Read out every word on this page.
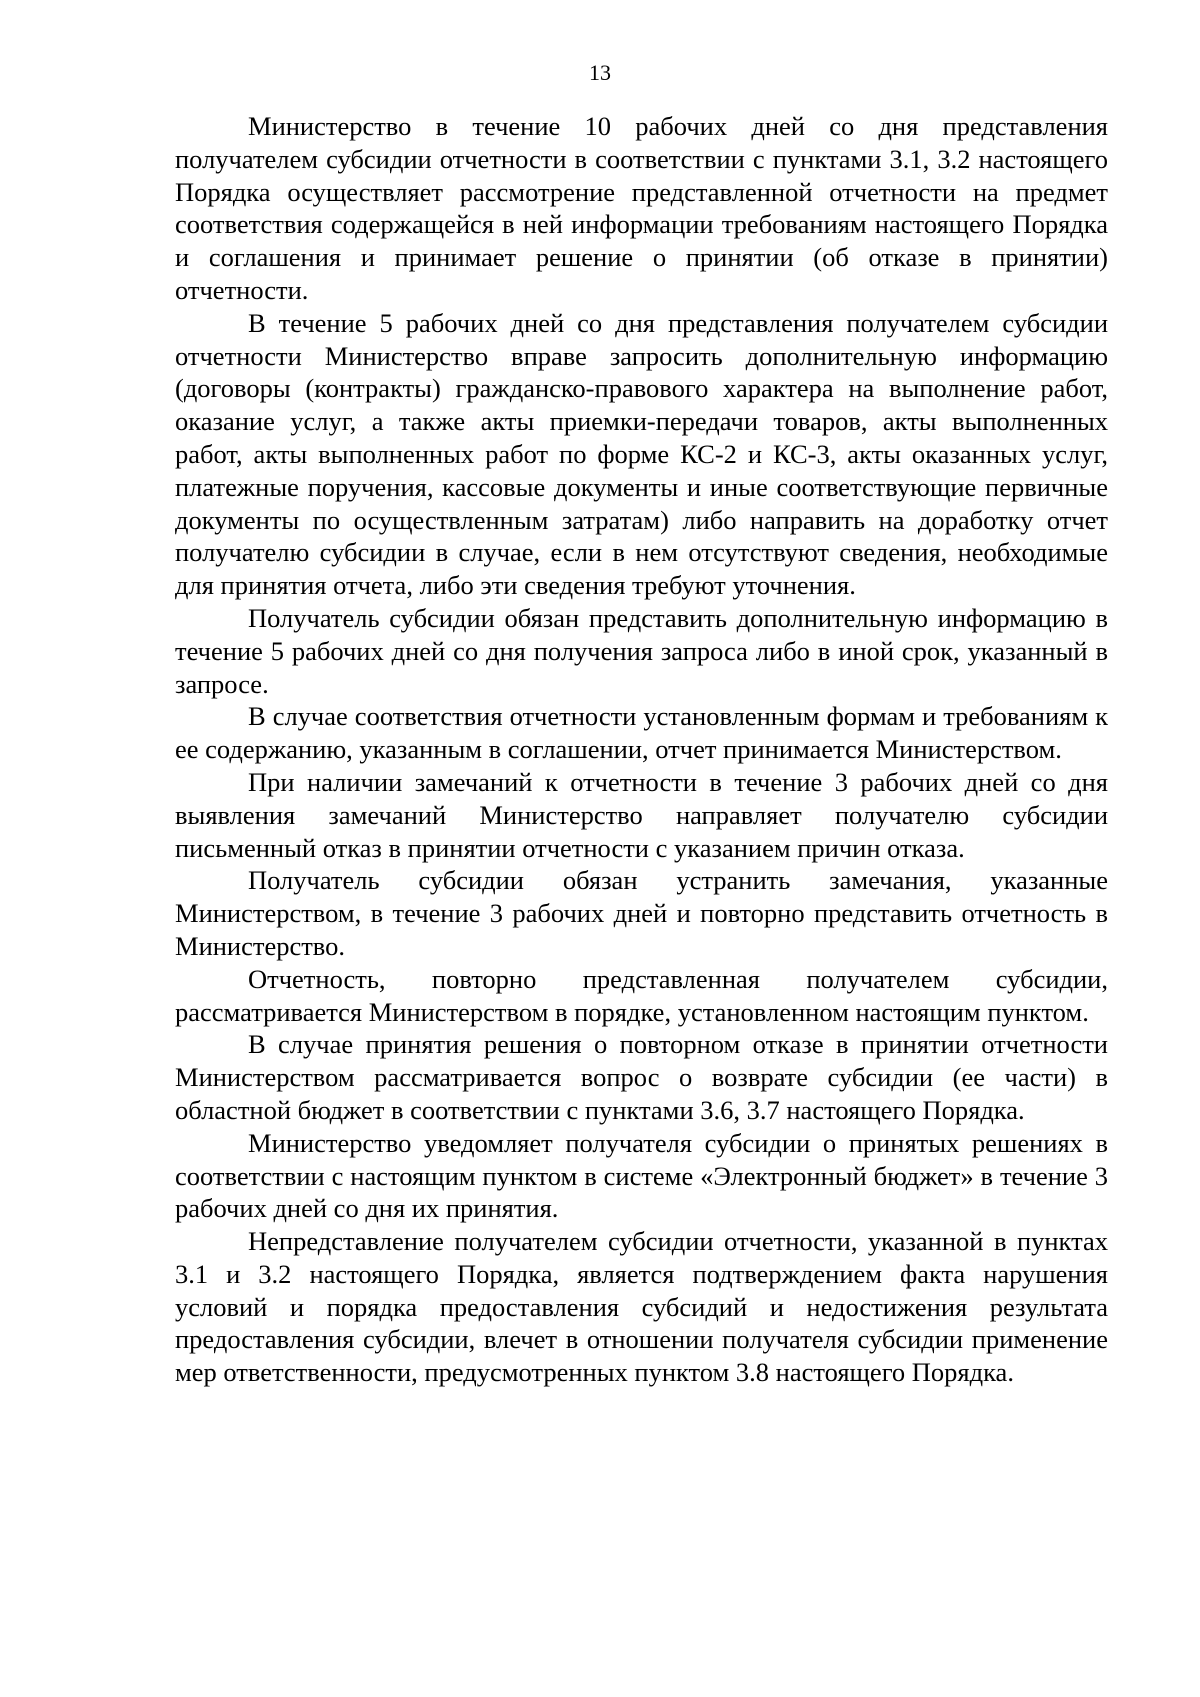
13

Министерство в течение 10 рабочих дней со дня представления получателем субсидии отчетности в соответствии с пунктами 3.1, 3.2 настоящего Порядка осуществляет рассмотрение представленной отчетности на предмет соответствия содержащейся в ней информации требованиям настоящего Порядка и соглашения и принимает решение о принятии (об отказе в принятии) отчетности.

В течение 5 рабочих дней со дня представления получателем субсидии отчетности Министерство вправе запросить дополнительную информацию (договоры (контракты) гражданско-правового характера на выполнение работ, оказание услуг, а также акты приемки-передачи товаров, акты выполненных работ, акты выполненных работ по форме КС-2 и КС-3, акты оказанных услуг, платежные поручения, кассовые документы и иные соответствующие первичные документы по осуществленным затратам) либо направить на доработку отчет получателю субсидии в случае, если в нем отсутствуют сведения, необходимые для принятия отчета, либо эти сведения требуют уточнения.

Получатель субсидии обязан представить дополнительную информацию в течение 5 рабочих дней со дня получения запроса либо в иной срок, указанный в запросе.

В случае соответствия отчетности установленным формам и требованиям к ее содержанию, указанным в соглашении, отчет принимается Министерством.

При наличии замечаний к отчетности в течение 3 рабочих дней со дня выявления замечаний Министерство направляет получателю субсидии письменный отказ в принятии отчетности с указанием причин отказа.

Получатель субсидии обязан устранить замечания, указанные Министерством, в течение 3 рабочих дней и повторно представить отчетность в Министерство.

Отчетность, повторно представленная получателем субсидии, рассматривается Министерством в порядке, установленном настоящим пунктом.

В случае принятия решения о повторном отказе в принятии отчетности Министерством рассматривается вопрос о возврате субсидии (ее части) в областной бюджет в соответствии с пунктами 3.6, 3.7 настоящего Порядка.

Министерство уведомляет получателя субсидии о принятых решениях в соответствии с настоящим пунктом в системе «Электронный бюджет» в течение 3 рабочих дней со дня их принятия.

Непредставление получателем субсидии отчетности, указанной в пунктах 3.1 и 3.2 настоящего Порядка, является подтверждением факта нарушения условий и порядка предоставления субсидий и недостижения результата предоставления субсидии, влечет в отношении получателя субсидии применение мер ответственности, предусмотренных пунктом 3.8 настоящего Порядка.
